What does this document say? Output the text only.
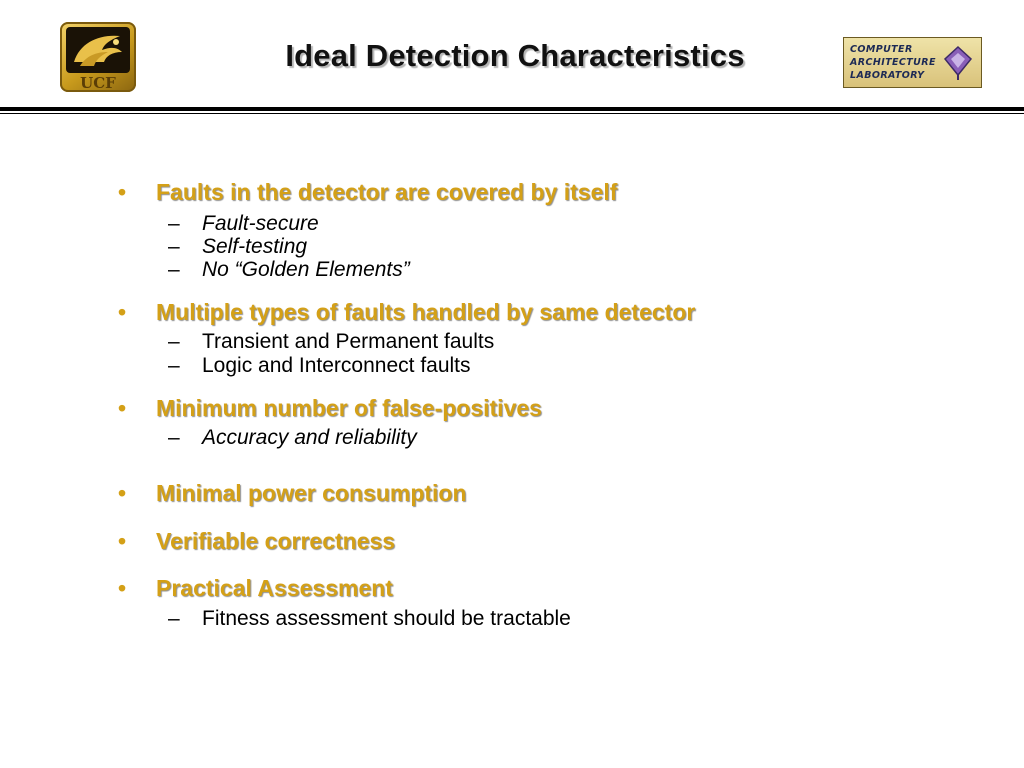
UCF
Ideal Detection Characteristics	COMPUTER
ARCHITECTURE
LABORATORY
• Faults in the detector are covered by itself
– Fault-secure
– Self-testing
– No “Golden Elements”
• Multiple types of faults handled by same detector
– Transient and Permanent faults
– Logic and Interconnect faults
• Minimum number of false-positives
– Accuracy and reliability
• Minimal power consumption
• Verifiable correctness
• Practical Assessment
– Fitness assessment should be tractable
